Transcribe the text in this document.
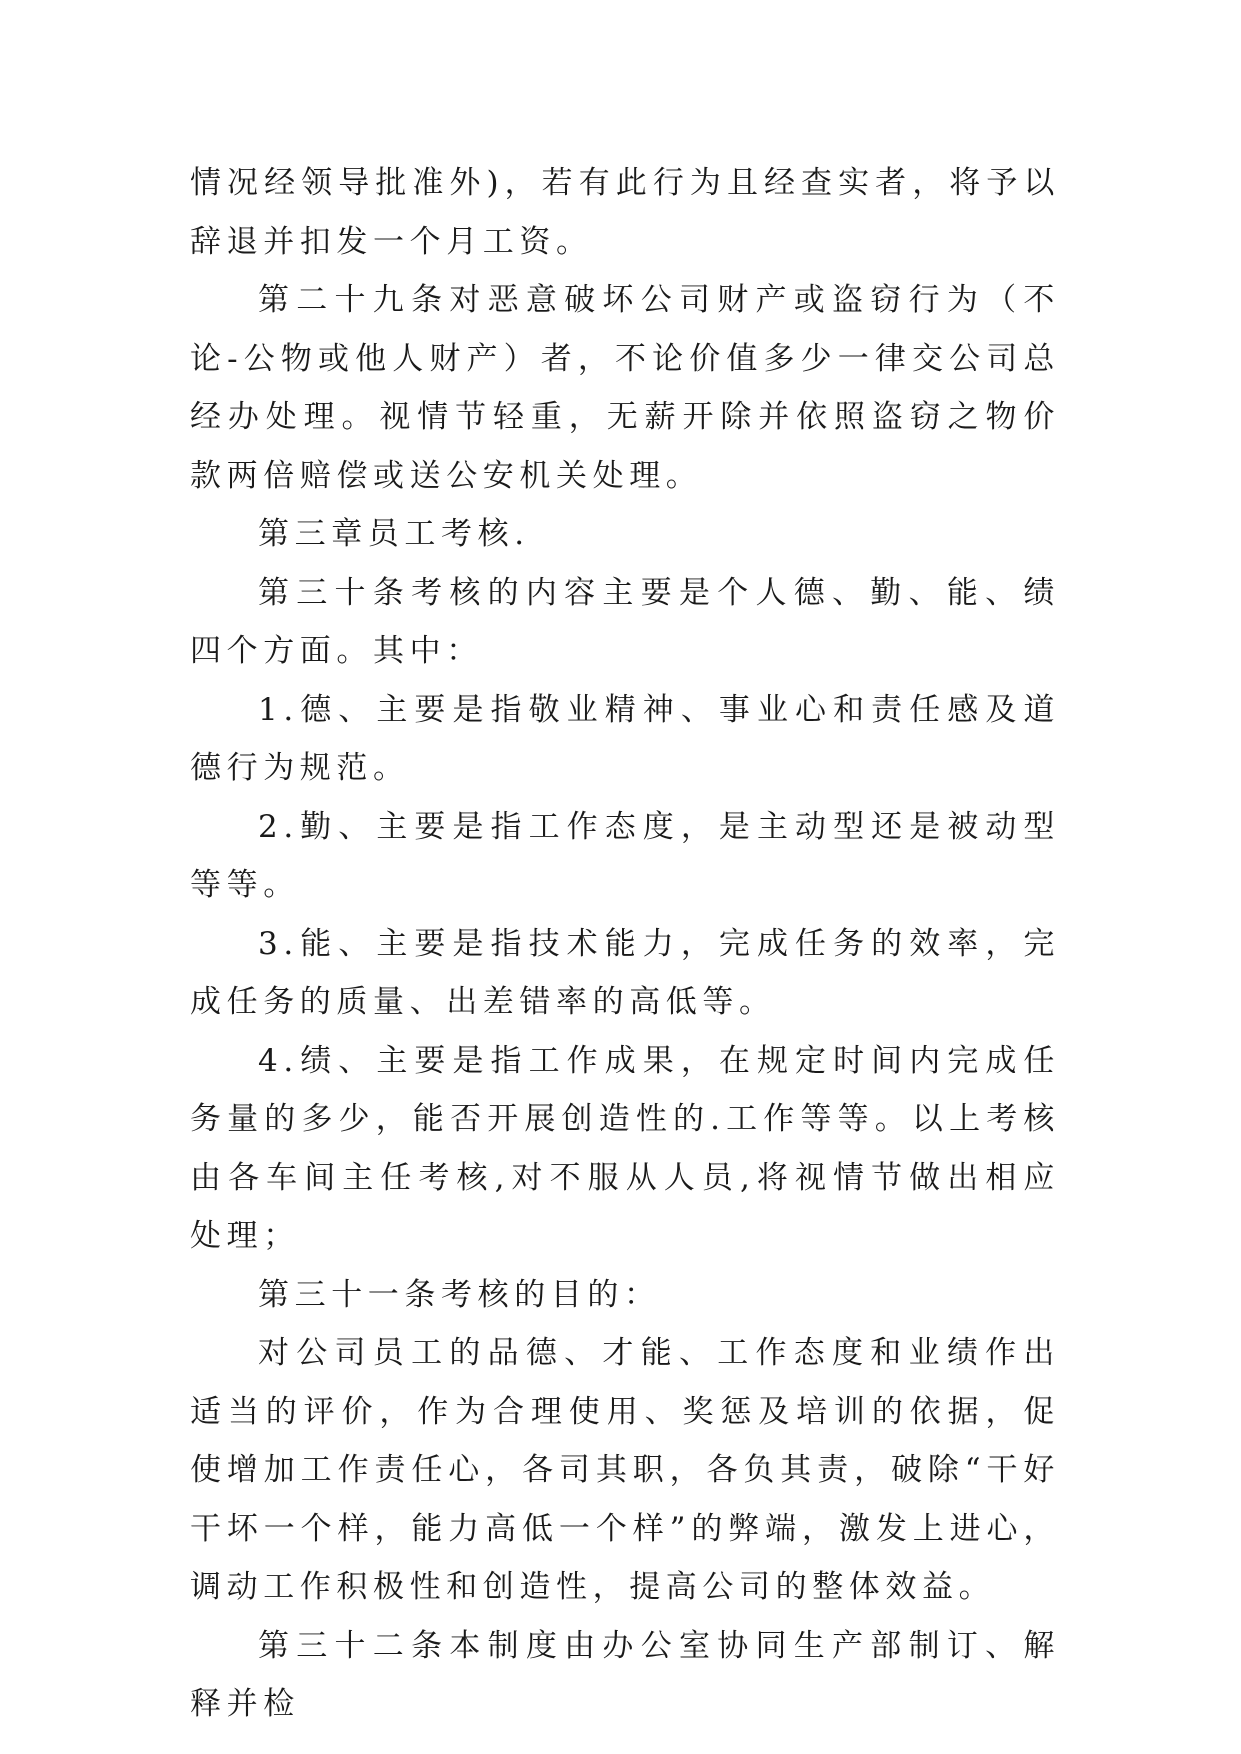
情况经领导批准外)，若有此行为且经查实者，将予以辞退并扣发一个月工资。

第二十九条对恶意破坏公司财产或盗窃行为（不论-公物或他人财产）者，不论价值多少一律交公司总经办处理。视情节轻重，无薪开除并依照盗窃之物价款两倍赔偿或送公安机关处理。

第三章员工考核.

第三十条考核的内容主要是个人德、勤、能、绩四个方面。其中：

1.德、主要是指敬业精神、事业心和责任感及道德行为规范。

2.勤、主要是指工作态度，是主动型还是被动型等等。

3.能、主要是指技术能力，完成任务的效率，完成任务的质量、出差错率的高低等。

4.绩、主要是指工作成果，在规定时间内完成任务量的多少，能否开展创造性的.工作等等。以上考核由各车间主任考核,对不服从人员,将视情节做出相应处理；

第三十一条考核的目的：

对公司员工的品德、才能、工作态度和业绩作出适当的评价，作为合理使用、奖惩及培训的依据，促使增加工作责任心，各司其职，各负其责，破除“干好干坏一个样，能力高低一个样”的弊端，激发上进心，调动工作积极性和创造性，提高公司的整体效益。

第三十二条本制度由办公室协同生产部制订、解释并检
